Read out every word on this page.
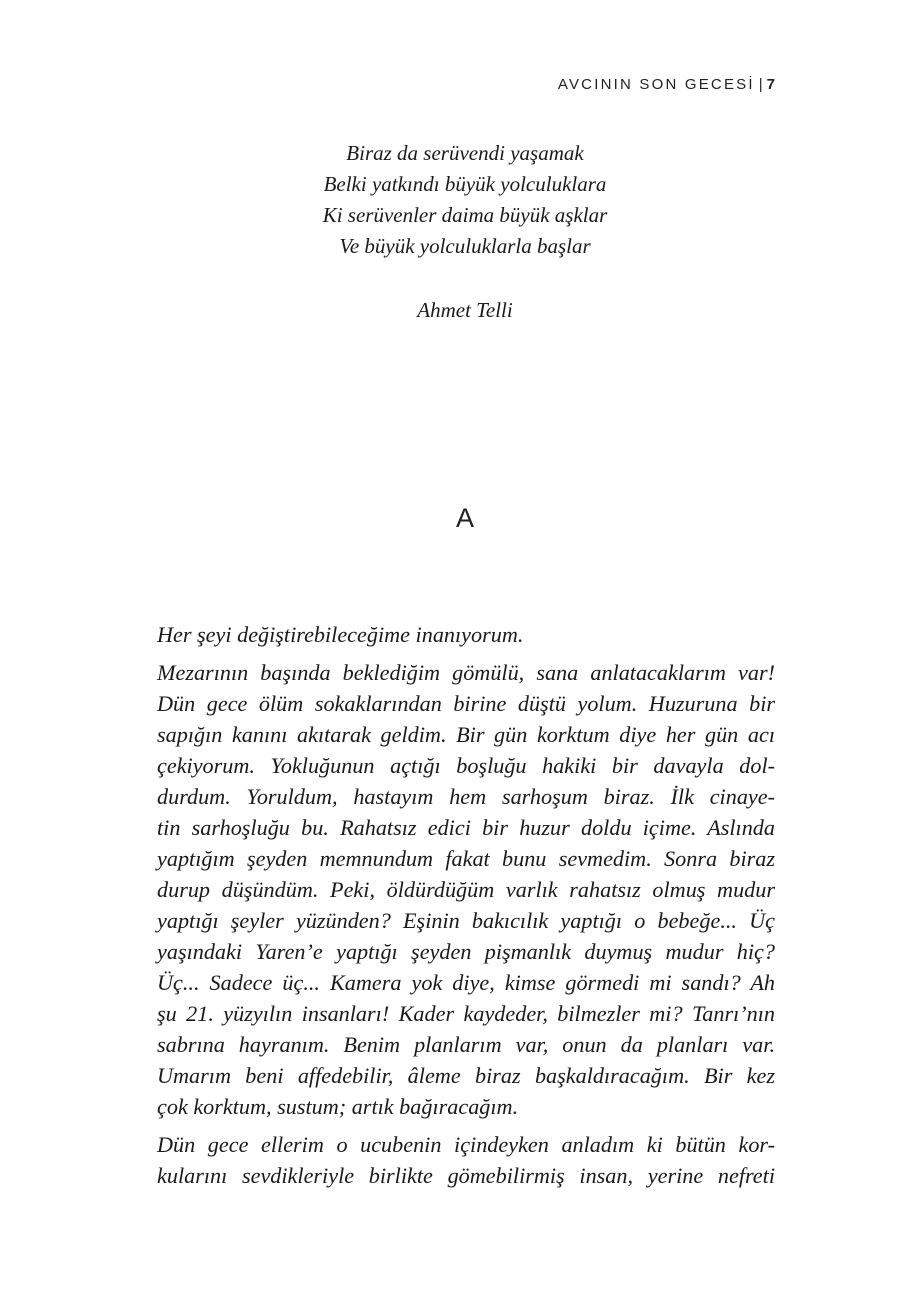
AVCININ SON GECESİ | 7
Biraz da serüvendi yaşamak
Belki yatkındı büyük yolculuklara
Ki serüvenler daima büyük aşklar
Ve büyük yolculuklarla başlar
Ahmet Telli
A

Her şeyi değiştirebileceğime inanıyorum.

Mezarının başında beklediğim gömülü, sana anlatacaklarım var!
Dün gece ölüm sokaklarından birine düştü yolum. Huzuruna bir
sapığın kanını akıtarak geldim. Bir gün korktum diye her gün acı
çekiyorum. Yokluğunun açtığı boşluğu hakiki bir davayla dol-
durdum. Yoruldum, hastayım hem sarhoşum biraz. İlk cinaye-
tin sarhoşluğu bu. Rahatsız edici bir huzur doldu içime. Aslında
yaptığım şeyden memnundum fakat bunu sevmedim. Sonra biraz
durup düşündüm. Peki, öldürdüğüm varlık rahatsız olmuş mudur
yaptığı şeyler yüzünden? Eşinin bakıcılık yaptığı o bebeğe... Üç
yaşındaki Yaren’e yaptığı şeyden pişmanlık duymuş mudur hiç?
Üç... Sadece üç... Kamera yok diye, kimse görmedi mi sandı? Ah
şu 21. yüzyılın insanları! Kader kaydeder, bilmezler mi? Tanrı’nın
sabrına hayranım. Benim planlarım var, onun da planları var.
Umarım beni affedebilir, âleme biraz başkaldıracağım. Bir kez
çok korktum, sustum; artık bağıracağım.

Dün gece ellerim o ucubenin içindeyken anladım ki bütün kor-
kularını sevdikleriyle birlikte gömebilirmiş insan, yerine nefreti
